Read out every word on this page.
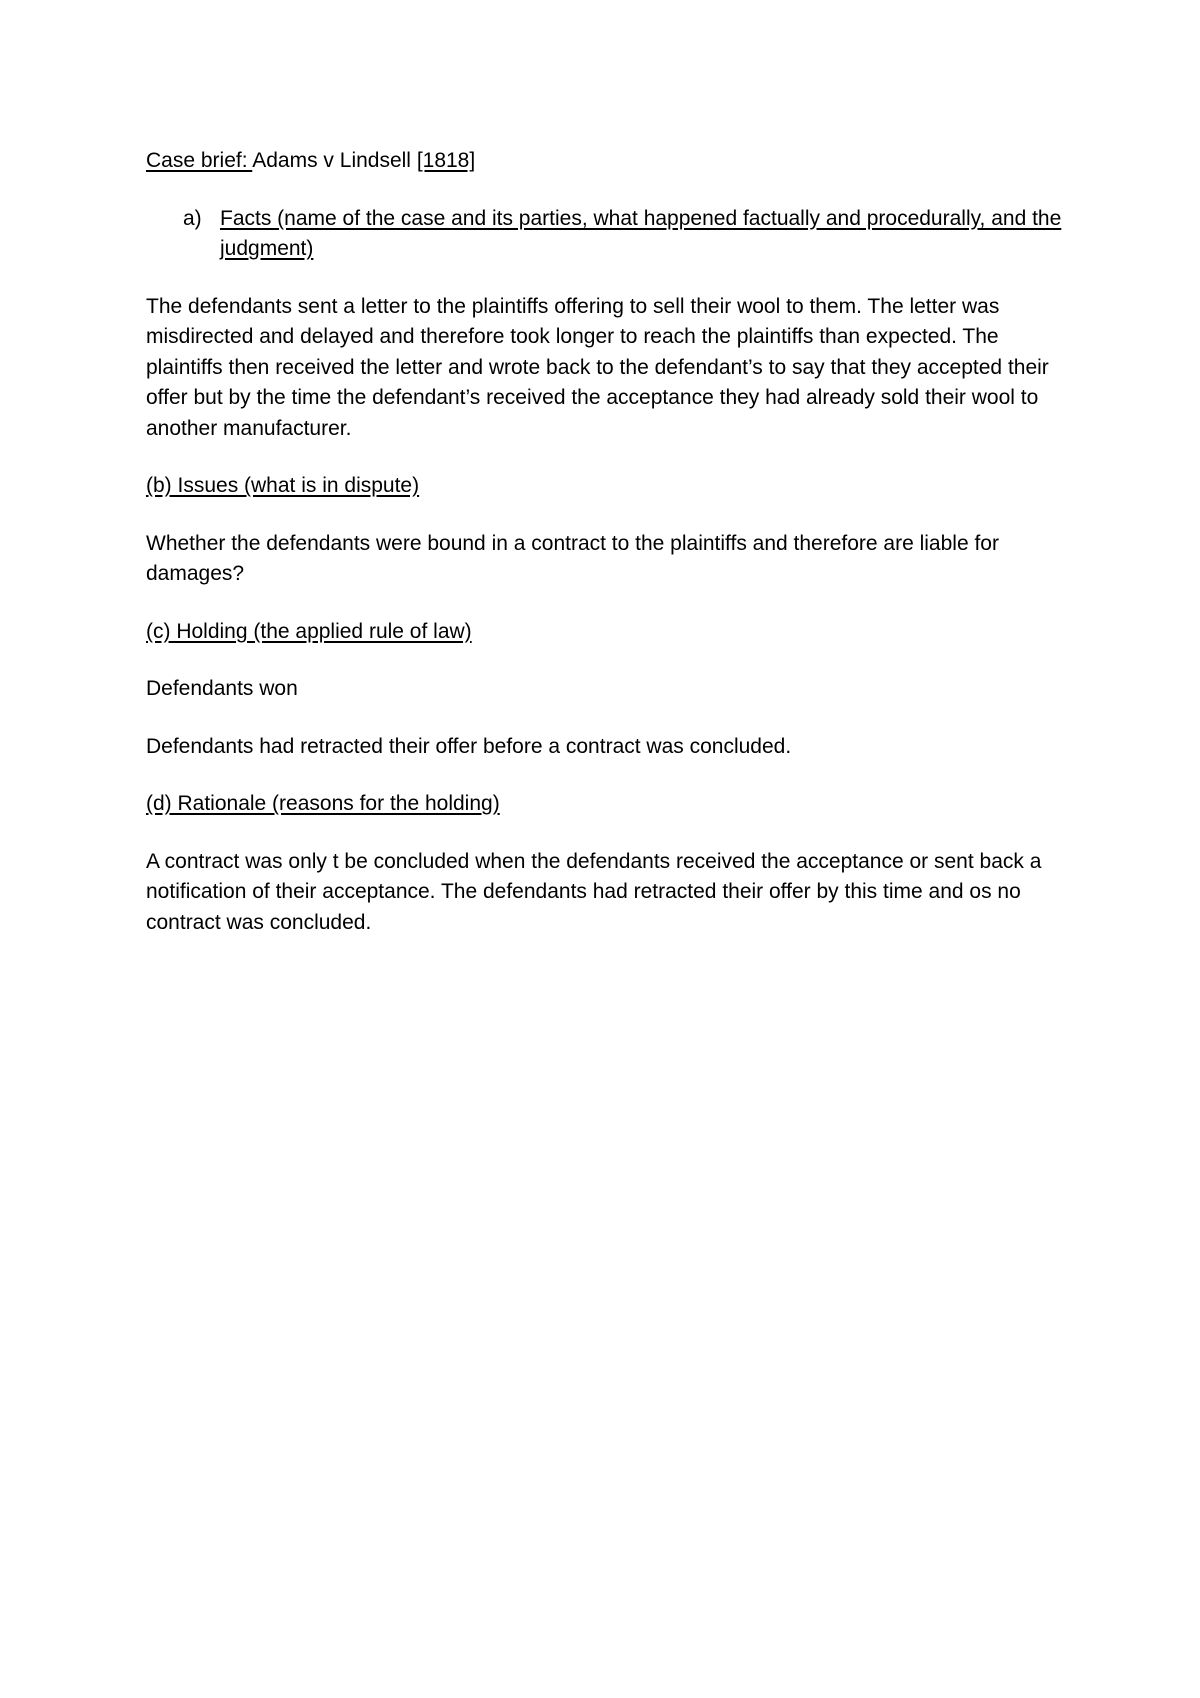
Case brief: Adams v Lindsell [1818]

a) Facts (name of the case and its parties, what happened factually and procedurally, and the judgment)

The defendants sent a letter to the plaintiffs offering to sell their wool to them. The letter was misdirected and delayed and therefore took longer to reach the plaintiffs than expected. The plaintiffs then received the letter and wrote back to the defendant’s to say that they accepted their offer but by the time the defendant’s received the acceptance they had already sold their wool to another manufacturer.

(b) Issues (what is in dispute)

Whether the defendants were bound in a contract to the plaintiffs and therefore are liable for damages?

(c) Holding (the applied rule of law)

Defendants won

Defendants had retracted their offer before a contract was concluded.

(d) Rationale (reasons for the holding)

A contract was only t be concluded when the defendants received the acceptance or sent back a notification of their acceptance. The defendants had retracted their offer by this time and os no contract was concluded.
